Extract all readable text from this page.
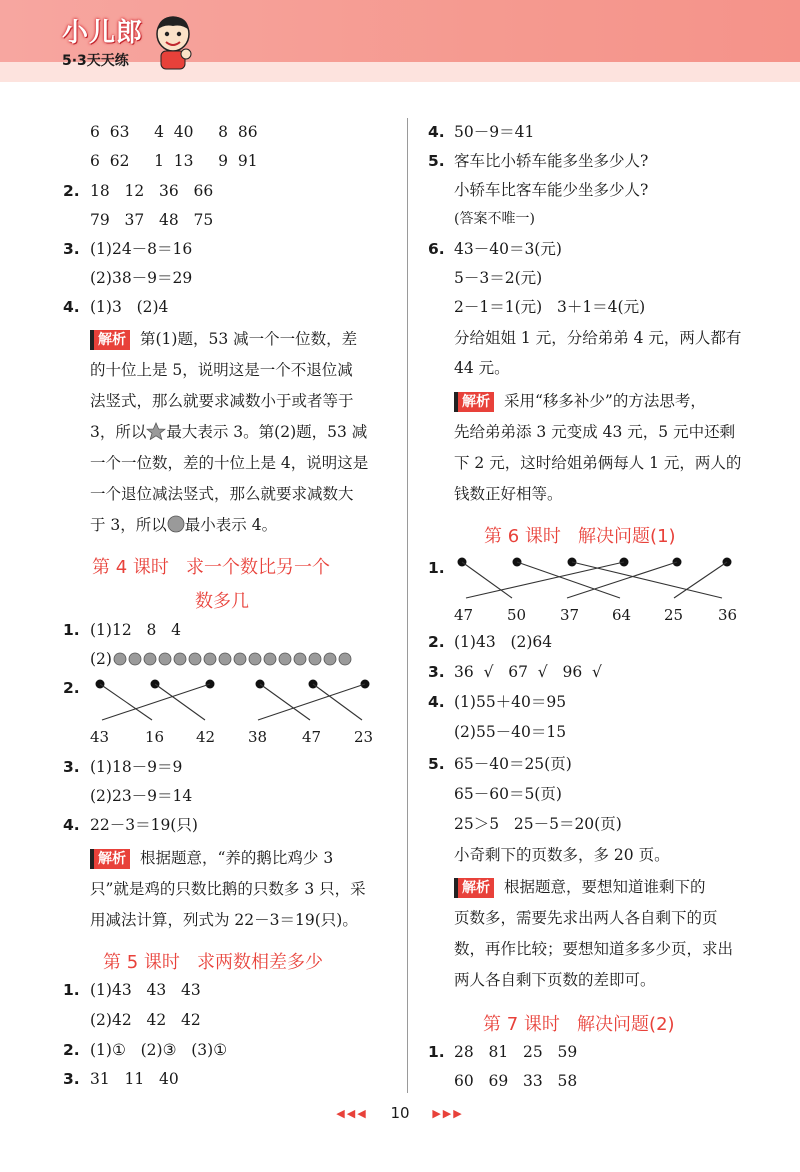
小儿郎
5·3天天练
6  63     4  40     8  86
6  62     1  13     9  91
2. 18   12   36   66
79   37   48   75
3. (1)24－8＝16
(2)38－9＝29
4. (1)3   (2)4
解析 第(1)题，53 减一个一位数，差
的十位上是 5，说明这是一个不退位减
法竖式，那么就要求减数小于或者等于
3，所以 最大表示 3。第(2)题，53 减
一个一位数，差的十位上是 4，说明这是
一个退位减法竖式，那么就要求减数大
于 3，所以 最小表示 4。
第 4 课时   求一个数比另一个
数多几
1. (1)12   8   4
(2)
2.
43 16 42 38 47 23
3. (1)18－9＝9
(2)23－9＝14
4. 22－3＝19(只)
解析 根据题意，“养的鹅比鸡少 3
只”就是鸡的只数比鹅的只数多 3 只，采
用减法计算，列式为 22－3＝19(只)。
第 5 课时   求两数相差多少
1. (1)43   43   43
(2)42   42   42
2. (1)①   (2)③   (3)①
3. 31   11   40
4. 50－9＝41
5. 客车比小轿车能多坐多少人?
小轿车比客车能少坐多少人?
(答案不唯一)
6. 43－40＝3(元)
5－3＝2(元)
2－1＝1(元)   3＋1＝4(元)
分给姐姐 1 元，分给弟弟 4 元，两人都有
44 元。
解析 采用“移多补少”的方法思考，
先给弟弟添 3 元变成 43 元，5 元中还剩
下 2 元，这时给姐弟俩每人 1 元，两人的
钱数正好相等。
第 6 课时   解决问题(1)
1.
47 50 37 64 25 36
2. (1)43   (2)64
3. 36  √   67  √   96  √
4. (1)55＋40＝95
(2)55－40＝15
5. 65－40＝25(页)
65－60＝5(页)
25＞5   25－5＝20(页)
小奇剩下的页数多，多 20 页。
解析 根据题意，要想知道谁剩下的
页数多，需要先求出两人各自剩下的页
数，再作比较；要想知道多多少页，求出
两人各自剩下页数的差即可。
第 7 课时   解决问题(2)
1. 28   81   25   59
60   69   33   58
◀◀◀ 10 ▶▶▶
